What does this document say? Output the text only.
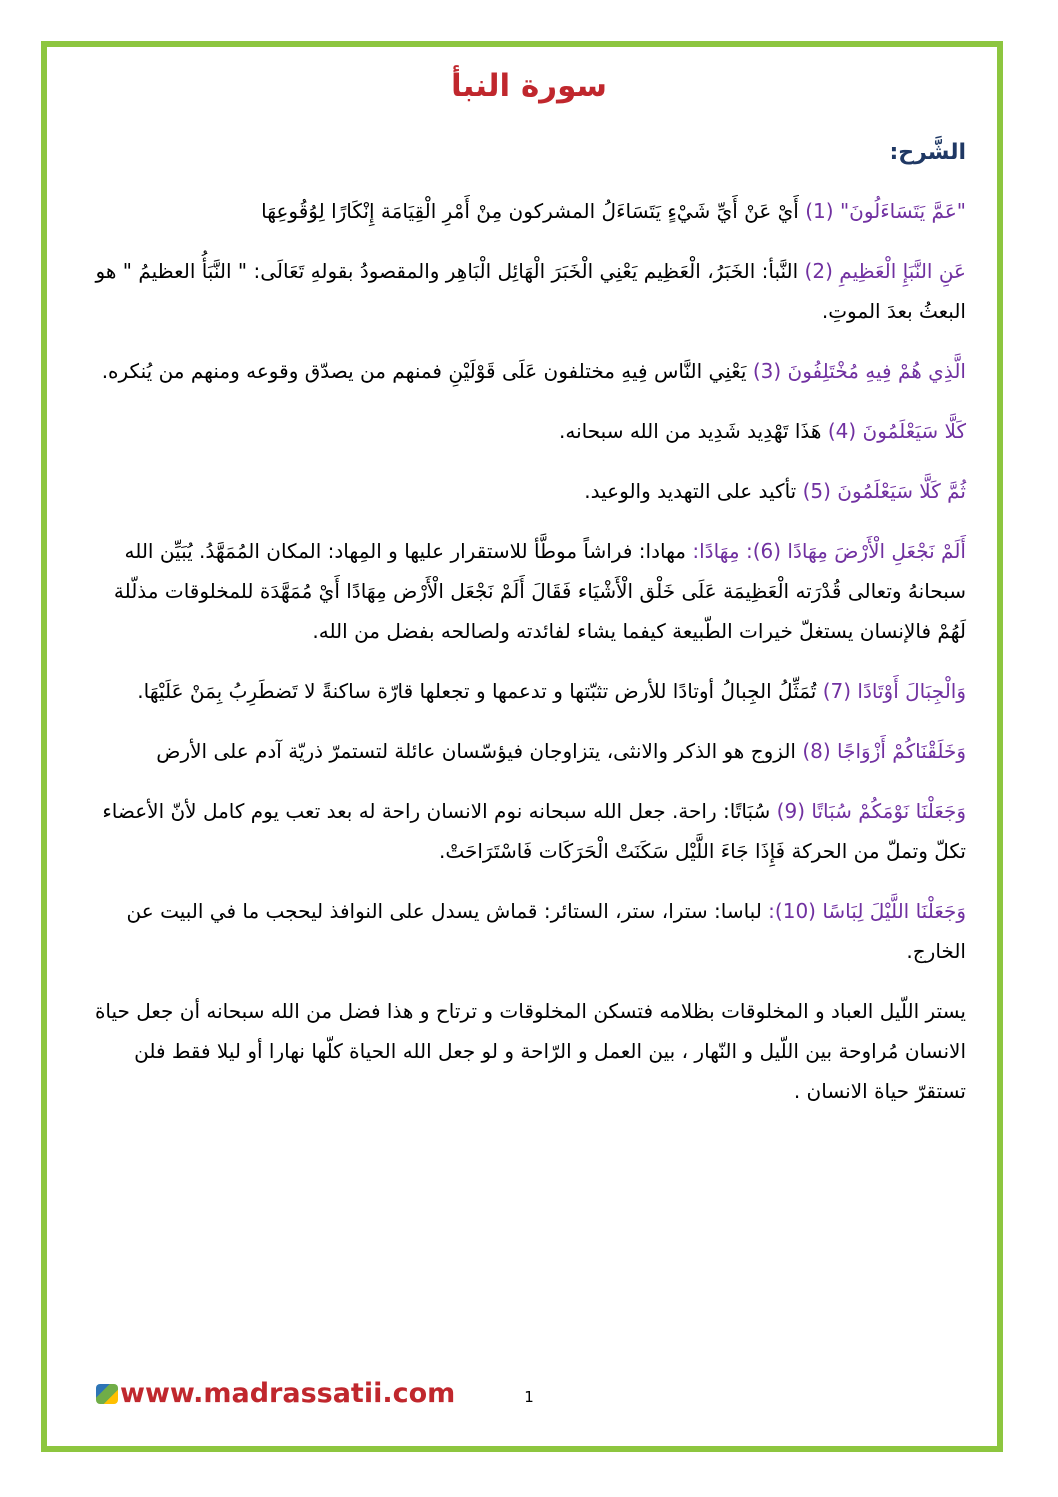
سورة النبأ
الشَّرح:

"عَمَّ يَتَسَاءَلُونَ" (1) أَيْ عَنْ أَيِّ شَيْءٍ يَتَسَاءَلُ المشركون مِنْ أَمْرِ الْقِيَامَة إِنْكَارًا لِوُقُوعِهَا

عَنِ النَّبَإِ الْعَظِيمِ (2) النَّبأ: الخَبَرُ، الْعَظِيم يَعْنِي الْخَبَرَ الْهَائِل الْبَاهِر والمقصودُ بقولهِ تَعَالَى: " النَّبَأُ العظيمُ " هو البعثُ بعدَ الموتِ.

الَّذِي هُمْ فِيهِ مُخْتَلِفُونَ (3) يَعْنِي النَّاس فِيهِ مختلفون عَلَى قَوْلَيْنِ فمنهم من يصدّق وقوعه ومنهم من يُنكره.

كَلَّا سَيَعْلَمُونَ (4) هَذَا تَهْدِيد شَدِيد من الله سبحانه.

ثُمَّ كَلَّا سَيَعْلَمُونَ (5) تأكيد على التهديد والوعيد.

أَلَمْ نَجْعَلِ الْأَرْضَ مِهَادًا (6): مِهَادًا: مهادا: فراشاً موطَّأ للاستقرار عليها و المِهاد: المكان المُمَهَّدُ. يُبَيِّن الله سبحانهُ وتعالى قُدْرَته الْعَظِيمَة عَلَى خَلْق الْأَشْيَاء فَقَالَ أَلَمْ نَجْعَل الْأَرْض مِهَادًا أَيْ مُمَهَّدَة للمخلوقات مذلّلة لَهُمْ فالإنسان يستغلّ خيرات الطّبيعة كيفما يشاء لفائدته ولصالحه بفضل من الله.

وَالْجِبَالَ أَوْتَادًا (7) تُمَثِّلُ الجِبالُ أوتادًا للأرض تثبّتها و تدعمها و تجعلها قارّة ساكنةً لا تَضطَرِبُ بِمَنْ عَلَيْهَا.

وَخَلَقْنَاكُمْ أَزْوَاجًا (8) الزوج هو الذكر والانثى، يتزاوجان فيؤسّسان عائلة لتستمرّ ذريّة آدم على الأرض

وَجَعَلْنَا نَوْمَكُمْ سُبَاتًا (9) سُبَاتًا: راحة. جعل الله سبحانه نوم الانسان راحة له بعد تعب يوم كامل لأنّ الأعضاء تكلّ وتملّ من الحركة فَإِذَا جَاءَ اللَّيْل سَكَنَتْ الْحَرَكَات فَاسْتَرَاحَتْ.

وَجَعَلْنَا اللَّيْلَ لِبَاسًا (10): لباسا: سترا، ستر، الستائر: قماش يسدل على النوافذ ليحجب ما في البيت عن الخارج.

يستر اللّيل العباد و المخلوقات بظلامه فتسكن المخلوقات و ترتاح و هذا فضل من الله سبحانه أن جعل حياة الانسان مُراوحة بين اللّيل و النّهار ، بين العمل و الرّاحة و لو جعل الله الحياة كلّها نهارا أو ليلا فقط فلن تستقرّ حياة الانسان .

www.madrassatii.com	1
